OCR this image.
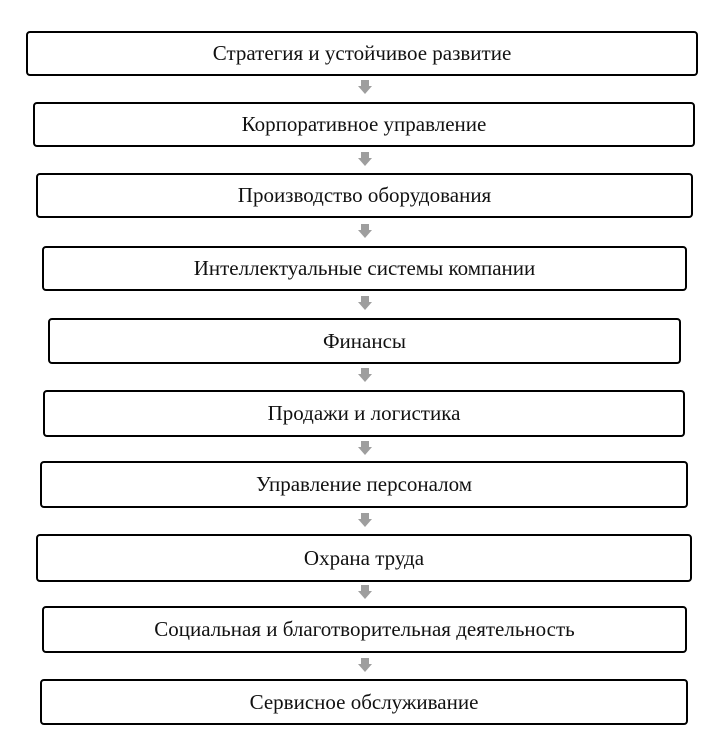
Стратегия и устойчивое развитие
Корпоративное управление
Производство оборудования
Интеллектуальные системы компании
Финансы
Продажи и логистика
Управление персоналом
Охрана труда
Социальная и благотворительная деятельность
Сервисное обслуживание
